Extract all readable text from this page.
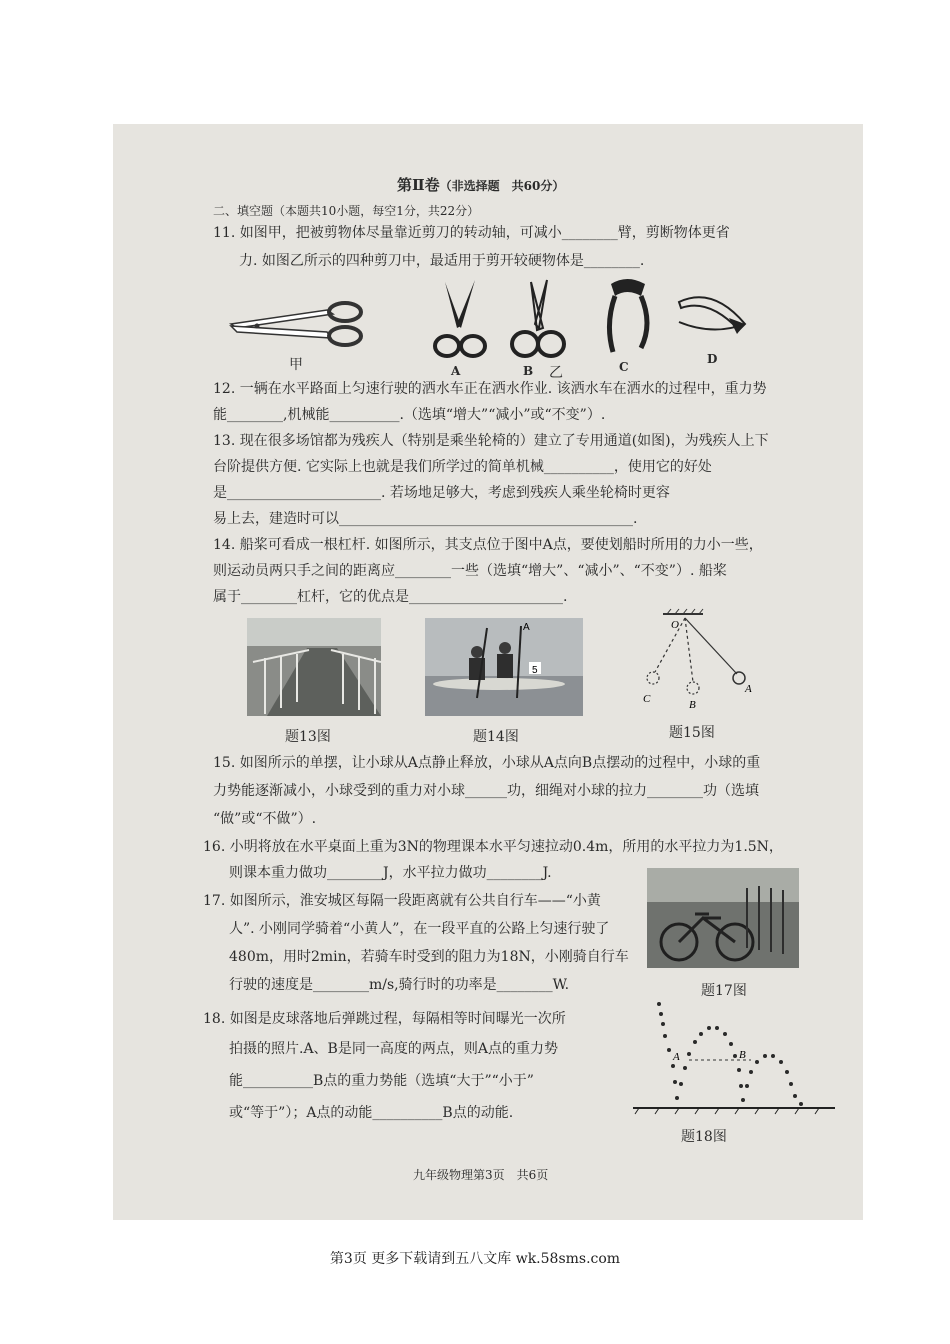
第Ⅱ卷（非选择题　共60分）
二、填空题（本题共10小题，每空1分，共22分）
11. 如图甲，把被剪物体尽量靠近剪刀的转动轴，可减小________臂，剪断物体更省
力. 如图乙所示的四种剪刀中，最适用于剪开较硬物体是________.
甲	A	B 乙	C
D
12. 一辆在水平路面上匀速行驶的洒水车正在洒水作业. 该洒水车在洒水的过程中，重力势
能________,机械能__________.（选填“增大”“减小”或“不变”）.
13. 现在很多场馆都为残疾人（特别是乘坐轮椅的）建立了专用通道(如图)，为残疾人上下
台阶提供方便. 它实际上也就是我们所学过的简单机械__________，使用它的好处
是______________________. 若场地足够大，考虑到残疾人乘坐轮椅时更容
易上去，建造时可以__________________________________________.
14. 船桨可看成一根杠杆. 如图所示，其支点位于图中A点，要使划船时所用的力小一些，
则运动员两只手之间的距离应________一些（选填“增大”、“减小”、“不变”）. 船桨
属于________杠杆，它的优点是______________________.
题13图
5
A
题14图
O
A
B
C
题15图
15. 如图所示的单摆，让小球从A点静止释放，小球从A点向B点摆动的过程中，小球的重
力势能逐渐减小，小球受到的重力对小球______功，细绳对小球的拉力________功（选填
“做”或“不做”）.
16. 小明将放在水平桌面上重为3N的物理课本水平匀速拉动0.4m，所用的水平拉力为1.5N，
则课本重力做功________J，水平拉力做功________J.
题17图
17. 如图所示，淮安城区每隔一段距离就有公共自行车——“小黄
人”. 小刚同学骑着“小黄人”，在一段平直的公路上匀速行驶了
480m，用时2min，若骑车时受到的阻力为18N，小刚骑自行车
行驶的速度是________m/s,骑行时的功率是________W.
18. 如图是皮球落地后弹跳过程，每隔相等时间曝光一次所
拍摄的照片.A、B是同一高度的两点，则A点的重力势
能__________B点的重力势能（选填“大于”“小于”
或“等于”）；A点的动能__________B点的动能.
A	B
题18图
九年级物理第3页　共6页
第3页 更多下载请到五八文库 wk.58sms.com
